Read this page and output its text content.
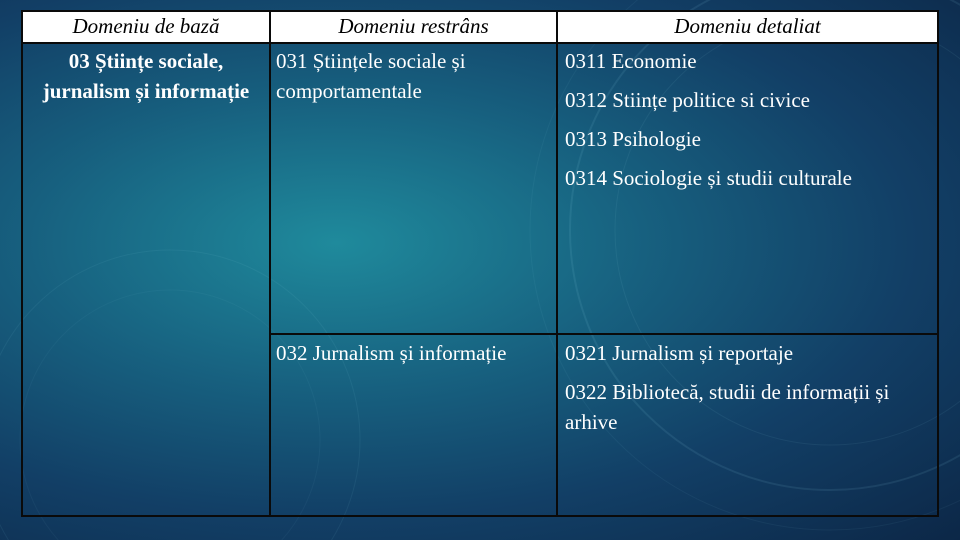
Domeniu de bază	Domeniu restrâns	Domeniu detaliat

03 Științe sociale, jurnalism și informație	031 Științele sociale și comportamentale	0311 Economie
0312 Stiințe politice si civice
0313 Psihologie
0314 Sociologie și studii culturale

	032 Jurnalism și informație	0321 Jurnalism și reportaje
0322 Bibliotecă, studii de informații și arhive
